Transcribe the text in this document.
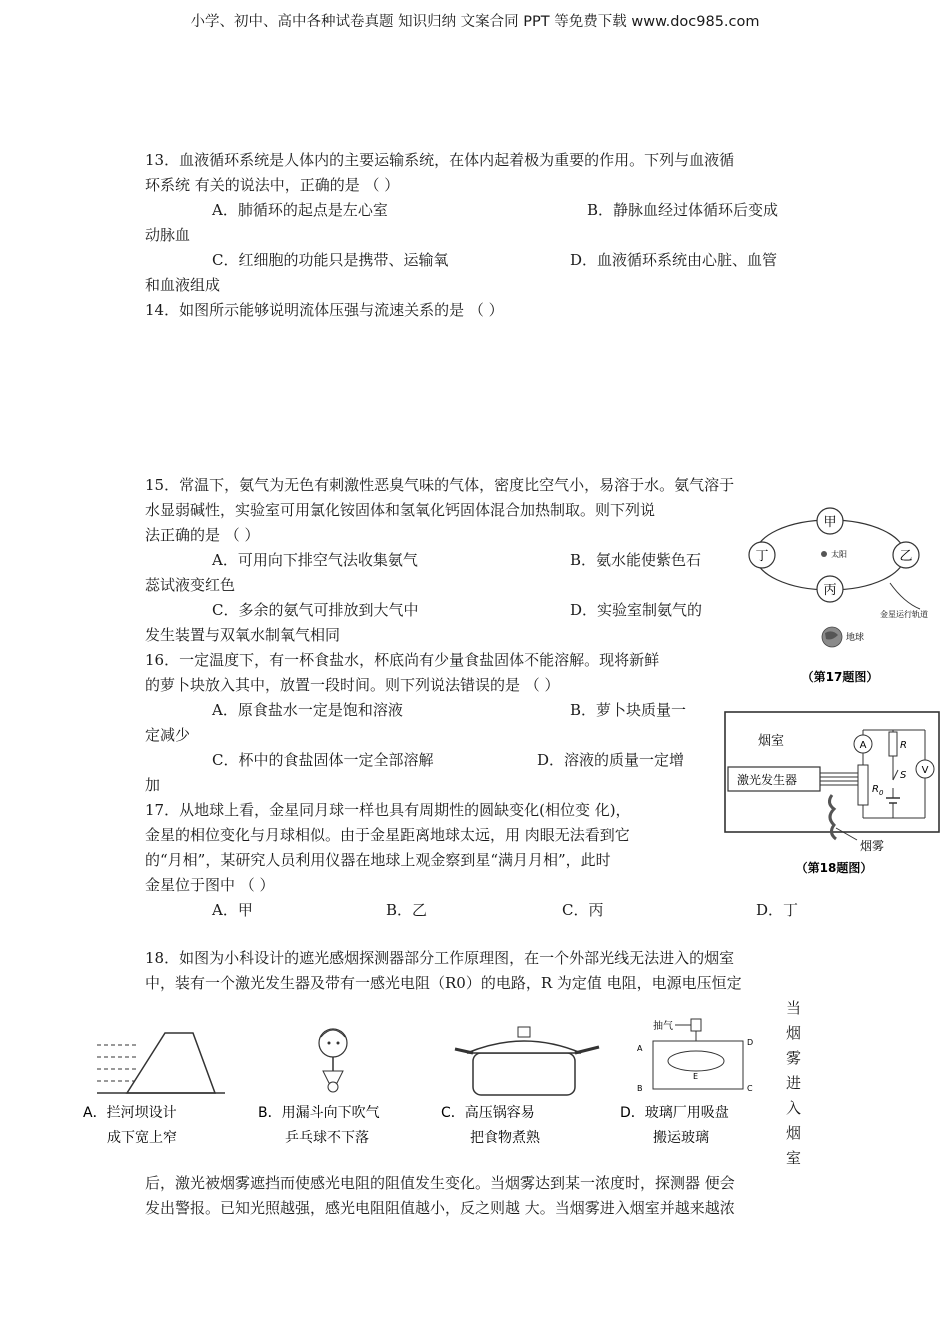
小学、初中、高中各种试卷真题 知识归纳 文案合同 PPT 等免费下载 www.doc985.com
13．血液循环系统是人体内的主要运输系统，在体内起着极为重要的作用。下列与血液循
环系统 有关的说法中，正确的是 （ ）
A．肺循环的起点是左心室	B．静脉血经过体循环后变成
动脉血
C．红细胞的功能只是携带、运输氧	D．血液循环系统由心脏、血管
和血液组成
14．如图所示能够说明流体压强与流速关系的是 （ ）
15．常温下，氨气为无色有刺激性恶臭气味的气体，密度比空气小，易溶于水。氨气溶于
水显弱碱性，实验室可用氯化铵固体和氢氧化钙固体混合加热制取。则下列说
法正确的是 （ ）
A．可用向下排空气法收集氨气	B．氨水能使紫色石
蕊试液变红色
C．多余的氨气可排放到大气中	D．实验室制氨气的
发生装置与双氧水制氧气相同
16．一定温度下，有一杯食盐水，杯底尚有少量食盐固体不能溶解。现将新鲜
的萝卜块放入其中，放置一段时间。则下列说法错误的是 （ ）
A．原食盐水一定是饱和溶液	B．萝卜块质量一
定减少
C．杯中的食盐固体一定全部溶解	D．溶液的质量一定增
加
17．从地球上看，金星同月球一样也具有周期性的圆缺变化(相位变 化)，
金星的相位变化与月球相似。由于金星距离地球太远，用 肉眼无法看到它
的“月相”，某研究人员利用仪器在地球上观金察到星“满月月相”，此时
金星位于图中 （ ）
A．甲	B．乙	C．丙	D．丁
18．如图为小科设计的遮光感烟探测器部分工作原理图，在一个外部光线无法进入的烟室
中，装有一个激光发生器及带有一感光电阻（R0）的电路，R 为定值 电阻，电源电压恒定
当
烟
雾
进
入
烟
室
后，激光被烟雾遮挡而使感光电阻的阻值发生变化。当烟雾达到某一浓度时，探测器 便会
发出警报。已知光照越强，感光电阻阻值越小，反之则越 大。当烟雾进入烟室并越来越浓
甲
乙
丙
丁	太阳
金星运行轨道
地球
（第17题图）
烟室
激光发生器
R 0
A	R
S V
烟雾
（第18题图）
A．拦河坝设计
成下宽上窄
B．用漏斗向下吹气
乒乓球不下落
C．高压锅容易
把食物煮熟
抽气
A
B	C
D
E
D．玻璃厂用吸盘
搬运玻璃
